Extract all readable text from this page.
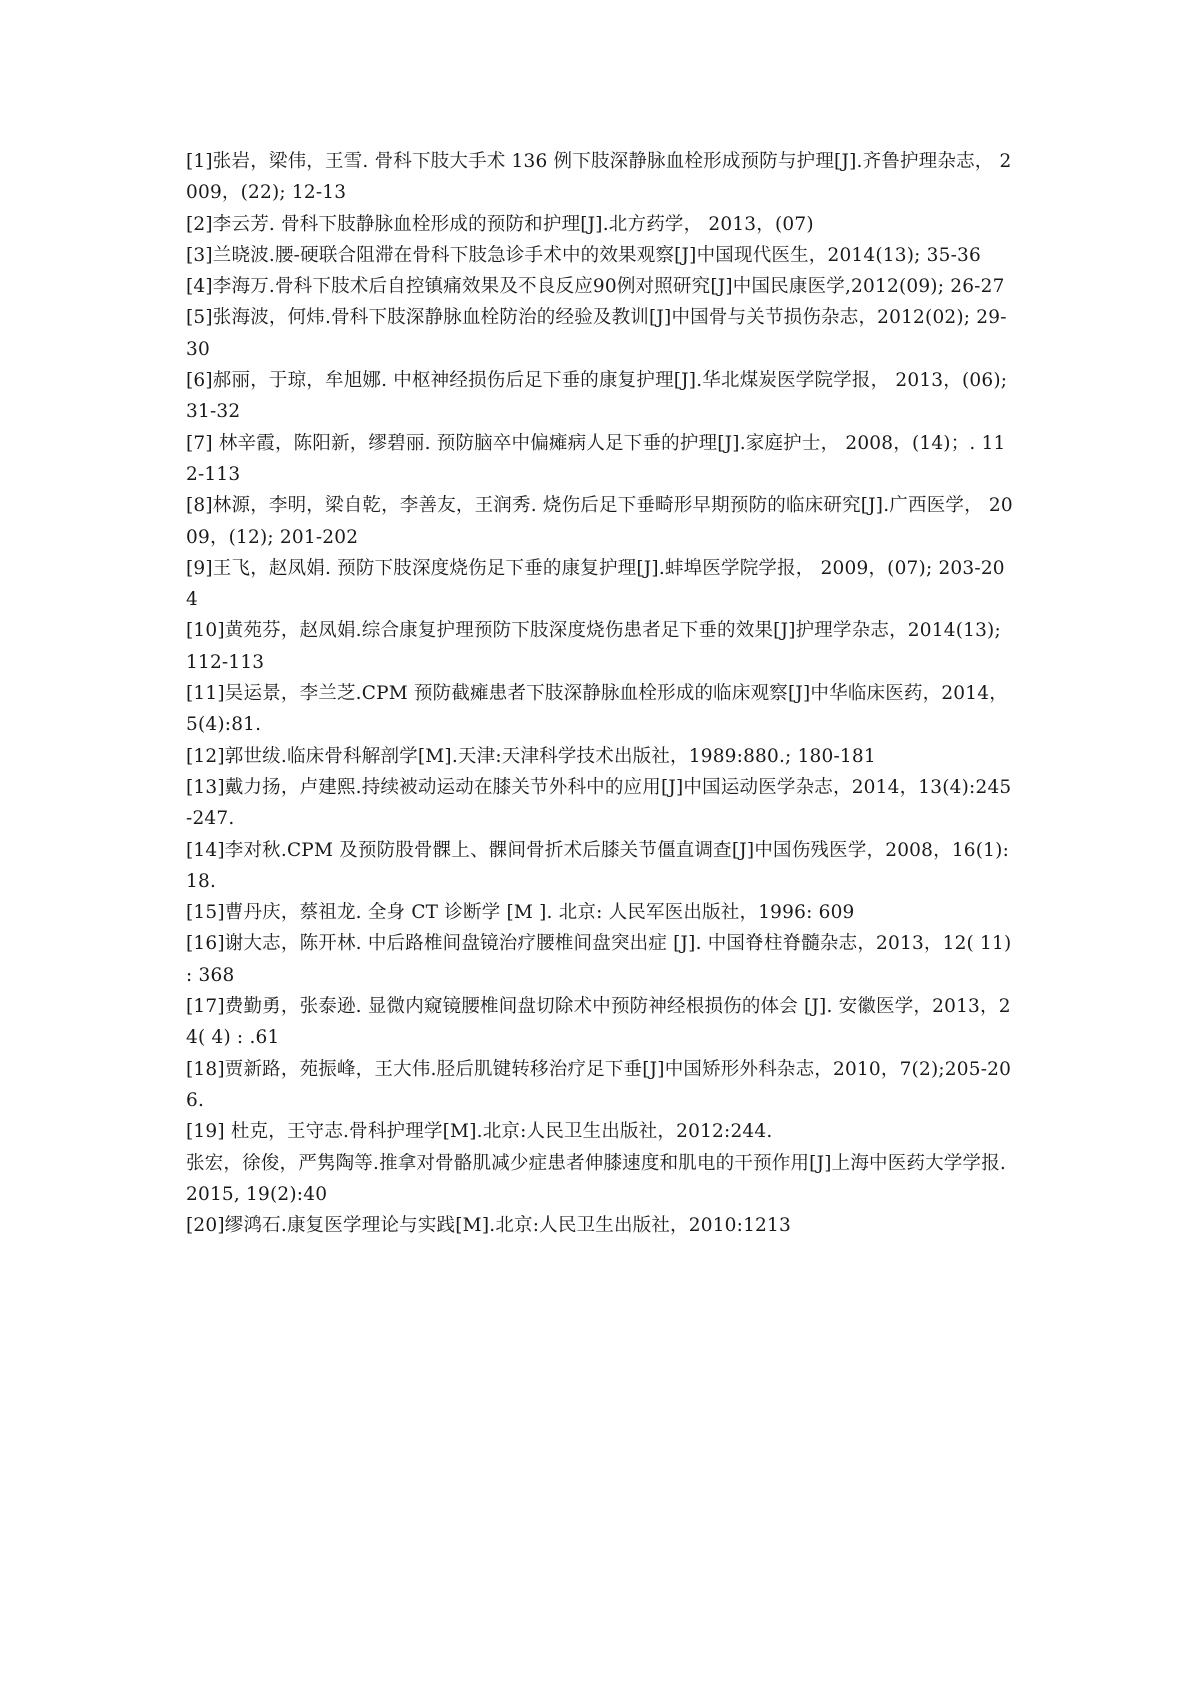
[1]张岩，梁伟，王雪. 骨科下肢大手术 136 例下肢深静脉血栓形成预防与护理[J].齐鲁护理杂志， 2009，(22); 12-13
[2]李云芳. 骨科下肢静脉血栓形成的预防和护理[J].北方药学， 2013，(07)
[3]兰晓波.腰-硬联合阻滞在骨科下肢急诊手术中的效果观察[J]中国现代医生，2014(13); 35-36
[4]李海万.骨科下肢术后自控镇痛效果及不良反应90例对照研究[J]中国民康医学,2012(09); 26-27
[5]张海波，何炜.骨科下肢深静脉血栓防治的经验及教训[J]中国骨与关节损伤杂志，2012(02); 29-30
[6]郝丽，于琼，牟旭娜. 中枢神经损伤后足下垂的康复护理[J].华北煤炭医学院学报， 2013，(06); 31-32
[7] 林辛霞，陈阳新，缪碧丽. 预防脑卒中偏瘫病人足下垂的护理[J].家庭护士， 2008，(14)；. 112-113
[8]林源，李明，梁自乾，李善友，王润秀. 烧伤后足下垂畸形早期预防的临床研究[J].广西医学， 2009，(12); 201-202
[9]王飞，赵凤娟. 预防下肢深度烧伤足下垂的康复护理[J].蚌埠医学院学报， 2009，(07); 203-204
[10]黄苑芬，赵凤娟.综合康复护理预防下肢深度烧伤患者足下垂的效果[J]护理学杂志，2014(13); 112-113
[11]吴运景，李兰芝.CPM 预防截瘫患者下肢深静脉血栓形成的临床观察[J]中华临床医药，2014，5(4):81.
[12]郭世绂.临床骨科解剖学[M].天津:天津科学技术出版社，1989:880.; 180-181
[13]戴力扬，卢建熙.持续被动运动在膝关节外科中的应用[J]中国运动医学杂志，2014，13(4):245-247.
[14]李对秋.CPM 及预防股骨髁上、髁间骨折术后膝关节僵直调查[J]中国伤残医学，2008，16(1):18.
[15]曹丹庆，蔡祖龙. 全身 CT 诊断学 [M ]. 北京: 人民军医出版社，1996: 609
[16]谢大志，陈开林. 中后路椎间盘镜治疗腰椎间盘突出症 [J]. 中国脊柱脊髓杂志，2013，12( 11) : 368
[17]费勤勇，张泰逊. 显微内窥镜腰椎间盘切除术中预防神经根损伤的体会 [J]. 安徽医学，2013，24( 4) : .61
[18]贾新路，苑振峰，王大伟.胫后肌键转移治疗足下垂[J]中国矫形外科杂志，2010，7(2);205-206.
[19] 杜克，王守志.骨科护理学[M].北京:人民卫生出版社，2012:244.
张宏，徐俊，严隽陶等.推拿对骨骼肌减少症患者伸膝速度和肌电的干预作用[J]上海中医药大学学报. 2015, 19(2):40
[20]缪鸿石.康复医学理论与实践[M].北京:人民卫生出版社，2010:1213
